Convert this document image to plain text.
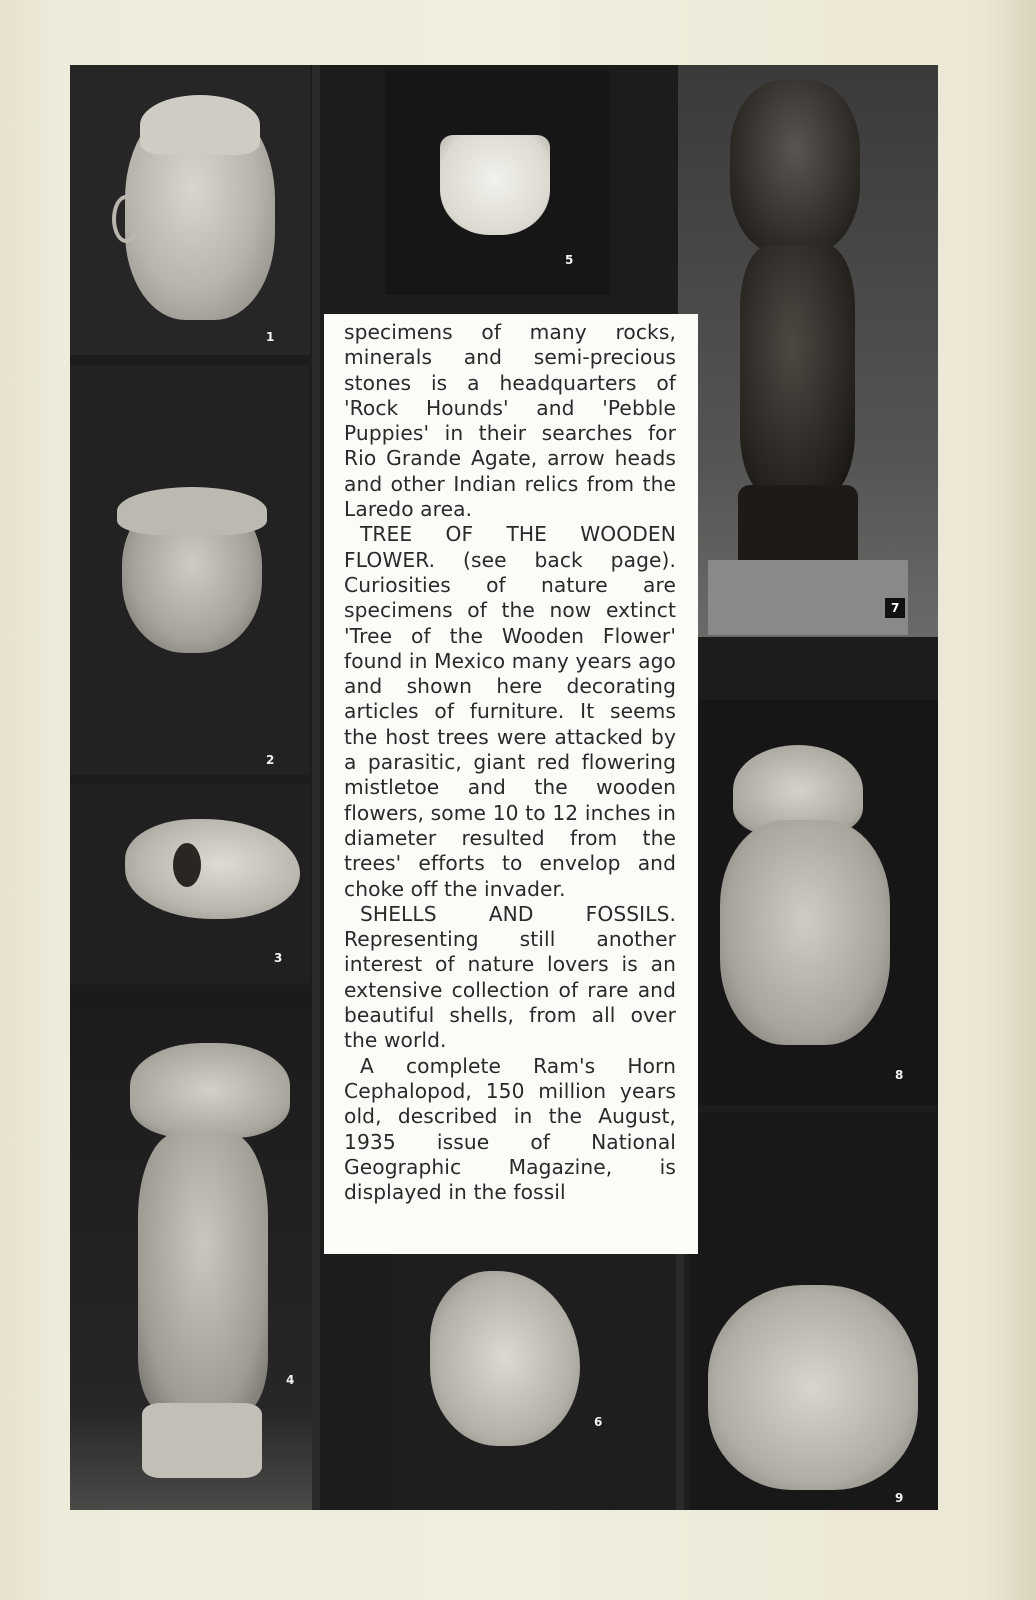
1
2
3
4
5
6
7
8
9

specimens of many rocks, minerals and semi-precious stones is a headquarters of 'Rock Hounds' and 'Pebble Puppies' in their searches for Rio Grande Agate, arrow heads and other Indian relics from the Laredo area.

TREE OF THE WOODEN FLOWER. (see back page). Curiosities of nature are specimens of the now extinct 'Tree of the Wooden Flower' found in Mexico many years ago and shown here decorating articles of furniture. It seems the host trees were attacked by a parasitic, giant red flowering mistletoe and the wooden flowers, some 10 to 12 inches in diameter resulted from the trees' efforts to envelop and choke off the invader.

SHELLS AND FOSSILS. Representing still another interest of nature lovers is an extensive collection of rare and beautiful shells, from all over the world.

A complete Ram's Horn Cephalopod, 150 million years old, described in the August, 1935 issue of National Geographic Magazine, is displayed in the fossil
